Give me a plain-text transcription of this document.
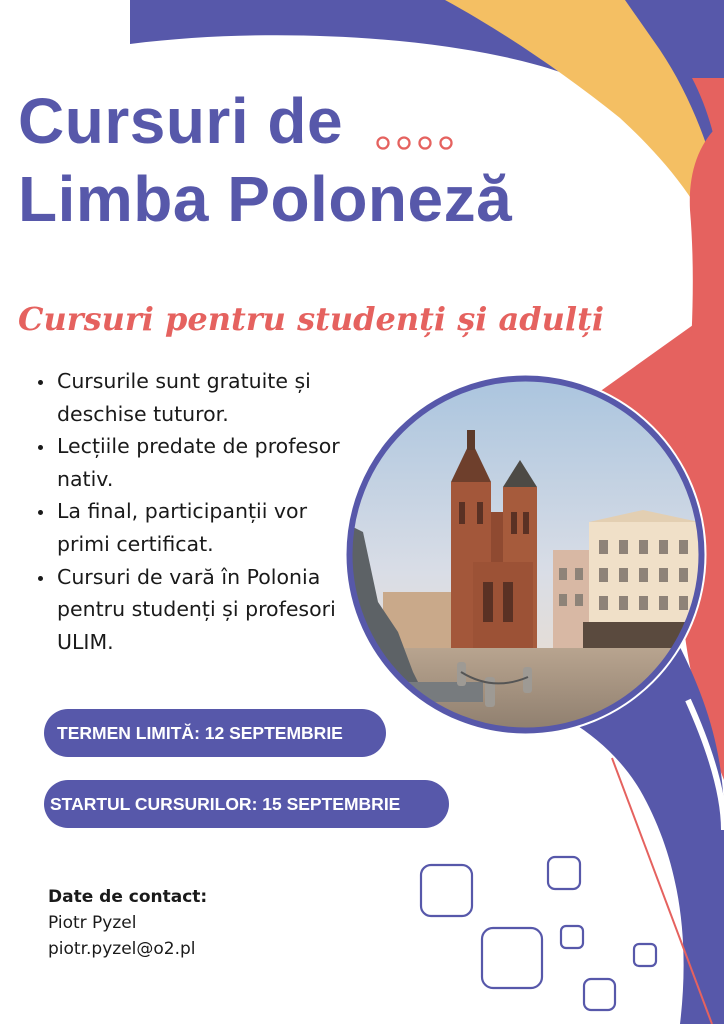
Cursuri de
Limba Poloneză
Cursuri pentru studenți și adulți
• Cursurile sunt gratuite și deschise tuturor.
• Lecțiile predate de profesor nativ.
• La final, participanții vor primi certificat.
• Cursuri de vară în Polonia pentru studenți și profesori ULIM.
TERMEN LIMITĂ: 12 SEPTEMBRIE
STARTUL CURSURILOR: 15 SEPTEMBRIE
Date de contact:
Piotr Pyzel
piotr.pyzel@o2.pl
